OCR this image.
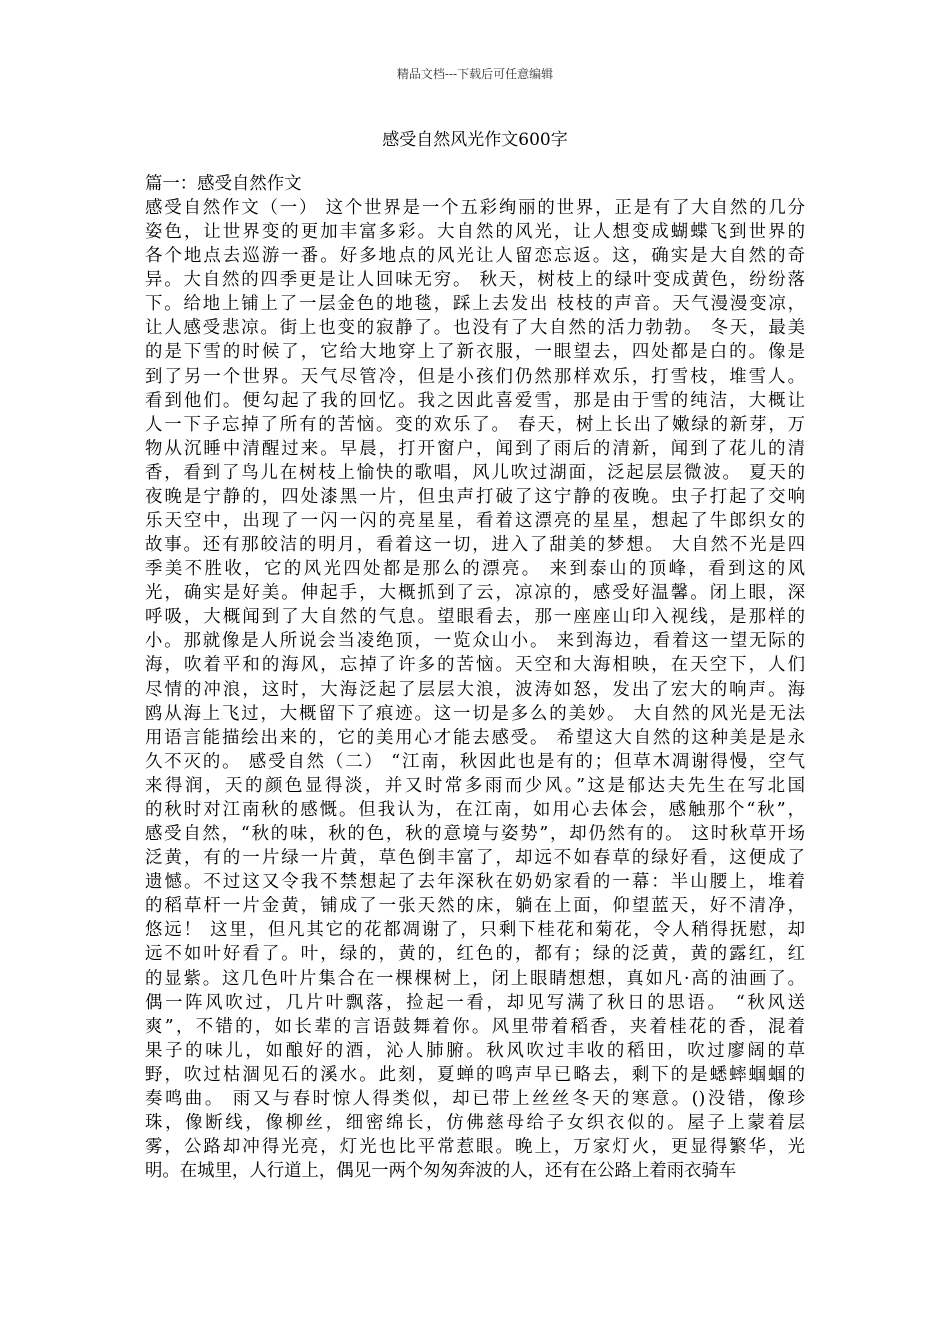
精品文档---下载后可任意编辑
感受自然风光作文600字
篇一：感受自然作文
感受自然作文（一） 这个世界是一个五彩绚丽的世界，正是有了大自然的几分
姿色，让世界变的更加丰富多彩。大自然的风光，让人想变成蝴蝶飞到世界的
各个地点去巡游一番。好多地点的风光让人留恋忘返。这，确实是大自然的奇
异。大自然的四季更是让人回味无穷。 秋天，树枝上的绿叶变成黄色，纷纷落
下。给地上铺上了一层金色的地毯，踩上去发出 枝枝的声音。天气漫漫变凉，
让人感受悲凉。街上也变的寂静了。也没有了大自然的活力勃勃。 冬天，最美
的是下雪的时候了，它给大地穿上了新衣服，一眼望去，四处都是白的。像是
到了另一个世界。天气尽管冷，但是小孩们仍然那样欢乐，打雪枝，堆雪人。
看到他们。便勾起了我的回忆。我之因此喜爱雪，那是由于雪的纯洁，大概让
人一下子忘掉了所有的苦恼。变的欢乐了。 春天，树上长出了嫩绿的新芽，万
物从沉睡中清醒过来。早晨，打开窗户，闻到了雨后的清新，闻到了花儿的清
香，看到了鸟儿在树枝上愉快的歌唱，风儿吹过湖面，泛起层层微波。 夏天的
夜晚是宁静的，四处漆黑一片，但虫声打破了这宁静的夜晚。虫子打起了交响
乐天空中，出现了一闪一闪的亮星星，看着这漂亮的星星，想起了牛郎织女的
故事。还有那皎洁的明月，看着这一切，进入了甜美的梦想。 大自然不光是四
季美不胜收，它的风光四处都是那么的漂亮。 来到泰山的顶峰，看到这的风
光，确实是好美。伸起手，大概抓到了云，凉凉的，感受好温馨。闭上眼，深
呼吸，大概闻到了大自然的气息。望眼看去，那一座座山印入视线，是那样的
小。那就像是人所说会当凌绝顶，一览众山小。 来到海边，看着这一望无际的
海，吹着平和的海风，忘掉了许多的苦恼。天空和大海相映，在天空下，人们
尽情的冲浪，这时，大海泛起了层层大浪，波涛如怒，发出了宏大的响声。海
鸥从海上飞过，大概留下了痕迹。这一切是多么的美妙。 大自然的风光是无法
用语言能描绘出来的，它的美用心才能去感受。 希望这大自然的这种美是是永
久不灭的。 感受自然（二） “江南，秋因此也是有的；但草木凋谢得慢，空气
来得润，天的颜色显得淡，并又时常多雨而少风。”这是郁达夫先生在写北国
的秋时对江南秋的感慨。但我认为，在江南，如用心去体会，感触那个“秋”，
感受自然，“秋的味，秋的色，秋的意境与姿势”，却仍然有的。 这时秋草开场
泛黄，有的一片绿一片黄，草色倒丰富了，却远不如春草的绿好看，这便成了
遗憾。不过这又令我不禁想起了去年深秋在奶奶家看的一幕：半山腰上，堆着
的稻草杆一片金黄，铺成了一张天然的床，躺在上面，仰望蓝天，好不清净，
悠远！ 这里，但凡其它的花都凋谢了，只剩下桂花和菊花，令人稍得抚慰，却
远不如叶好看了。叶，绿的，黄的，红色的，都有；绿的泛黄，黄的露红，红
的显紫。这几色叶片集合在一棵棵树上，闭上眼睛想想，真如凡·高的油画了。
偶一阵风吹过，几片叶飘落，捡起一看，却见写满了秋日的思语。 “秋风送
爽”，不错的，如长辈的言语鼓舞着你。风里带着稻香，夹着桂花的香，混着
果子的味儿，如酿好的酒，沁人肺腑。秋风吹过丰收的稻田，吹过廖阔的草
野，吹过枯涸见石的溪水。此刻，夏蝉的鸣声早已略去，剩下的是蟋蟀蝈蝈的
奏鸣曲。 雨又与春时惊人得类似，却已带上丝丝冬天的寒意。()没错，像珍
珠，像断线，像柳丝，细密绵长，仿佛慈母给子女织衣似的。屋子上蒙着层
雾，公路却冲得光亮，灯光也比平常惹眼。晚上，万家灯火，更显得繁华，光
明。在城里，人行道上，偶见一两个匆匆奔波的人，还有在公路上着雨衣骑车
